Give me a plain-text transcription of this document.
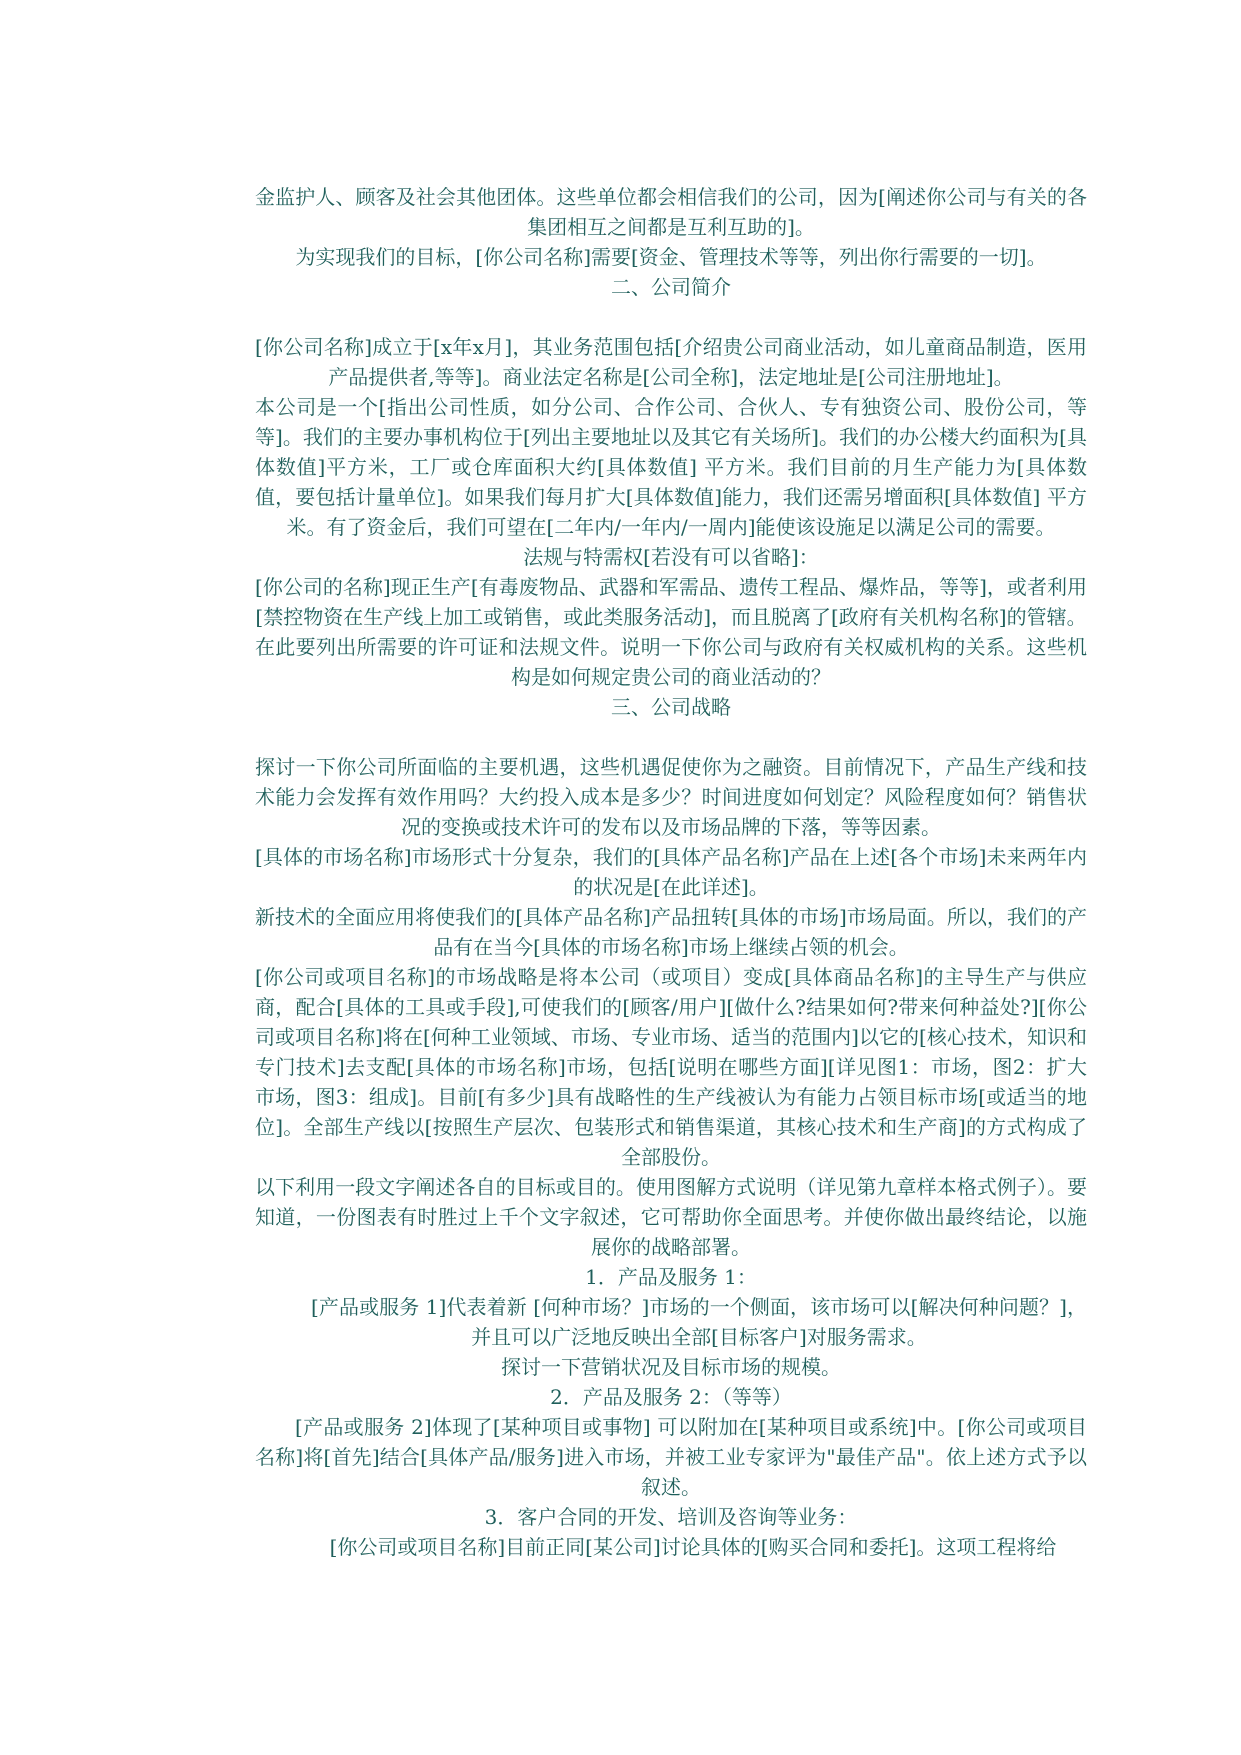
金监护人、顾客及社会其他团体。这些单位都会相信我们的公司，因为[阐述你公司与有关的各集团相互之间都是互利互助的]。

为实现我们的目标，[你公司名称]需要[资金、管理技术等等，列出你行需要的一切]。

二、公司简介

[你公司名称]成立于[x年x月]，其业务范围包括[介绍贵公司商业活动，如儿童商品制造，医用产品提供者,等等]。商业法定名称是[公司全称]，法定地址是[公司注册地址]。

本公司是一个[指出公司性质，如分公司、合作公司、合伙人、专有独资公司、股份公司，等等]。我们的主要办事机构位于[列出主要地址以及其它有关场所]。我们的办公楼大约面积为[具体数值]平方米，工厂或仓库面积大约[具体数值] 平方米。我们目前的月生产能力为[具体数值，要包括计量单位]。如果我们每月扩大[具体数值]能力，我们还需另增面积[具体数值] 平方米。有了资金后，我们可望在[二年内/一年内/一周内]能使该设施足以满足公司的需要。

法规与特需权[若没有可以省略]：

[你公司的名称]现正生产[有毒废物品、武器和军需品、遗传工程品、爆炸品，等等]，或者利用[禁控物资在生产线上加工或销售，或此类服务活动]，而且脱离了[政府有关机构名称]的管辖。

在此要列出所需要的许可证和法规文件。说明一下你公司与政府有关权威机构的关系。这些机构是如何规定贵公司的商业活动的？

三、公司战略

探讨一下你公司所面临的主要机遇，这些机遇促使你为之融资。目前情况下，产品生产线和技术能力会发挥有效作用吗？大约投入成本是多少？时间进度如何划定？风险程度如何？销售状况的变换或技术许可的发布以及市场品牌的下落，等等因素。

[具体的市场名称]市场形式十分复杂，我们的[具体产品名称]产品在上述[各个市场]未来两年内的状况是[在此详述]。

新技术的全面应用将使我们的[具体产品名称]产品扭转[具体的市场]市场局面。所以，我们的产品有在当今[具体的市场名称]市场上继续占领的机会。

[你公司或项目名称]的市场战略是将本公司（或项目）变成[具体商品名称]的主导生产与供应商，配合[具体的工具或手段],可使我们的[顾客/用户][做什么?结果如何?带来何种益处?][你公司或项目名称]将在[何种工业领域、市场、专业市场、适当的范围内]以它的[核心技术，知识和专门技术]去支配[具体的市场名称]市场，包括[说明在哪些方面][详见图1：市场，图2：扩大市场，图3：组成]。目前[有多少]具有战略性的生产线被认为有能力占领目标市场[或适当的地位]。全部生产线以[按照生产层次、包装形式和销售渠道，其核心技术和生产商]的方式构成了全部股份。

以下利用一段文字阐述各自的目标或目的。使用图解方式说明（详见第九章样本格式例子）。要知道，一份图表有时胜过上千个文字叙述，它可帮助你全面思考。并使你做出最终结论，以施展你的战略部署。

1．产品及服务 1：

[产品或服务 1]代表着新 [何种市场？]市场的一个侧面，该市场可以[解决何种问题？]，并且可以广泛地反映出全部[目标客户]对服务需求。

探讨一下营销状况及目标市场的规模。

2．产品及服务 2：（等等）

[产品或服务 2]体现了[某种项目或事物] 可以附加在[某种项目或系统]中。[你公司或项目名称]将[首先]结合[具体产品/服务]进入市场，并被工业专家评为"最佳产品"。依上述方式予以叙述。

3．客户合同的开发、培训及咨询等业务：

[你公司或项目名称]目前正同[某公司]讨论具体的[购买合同和委托]。这项工程将给
